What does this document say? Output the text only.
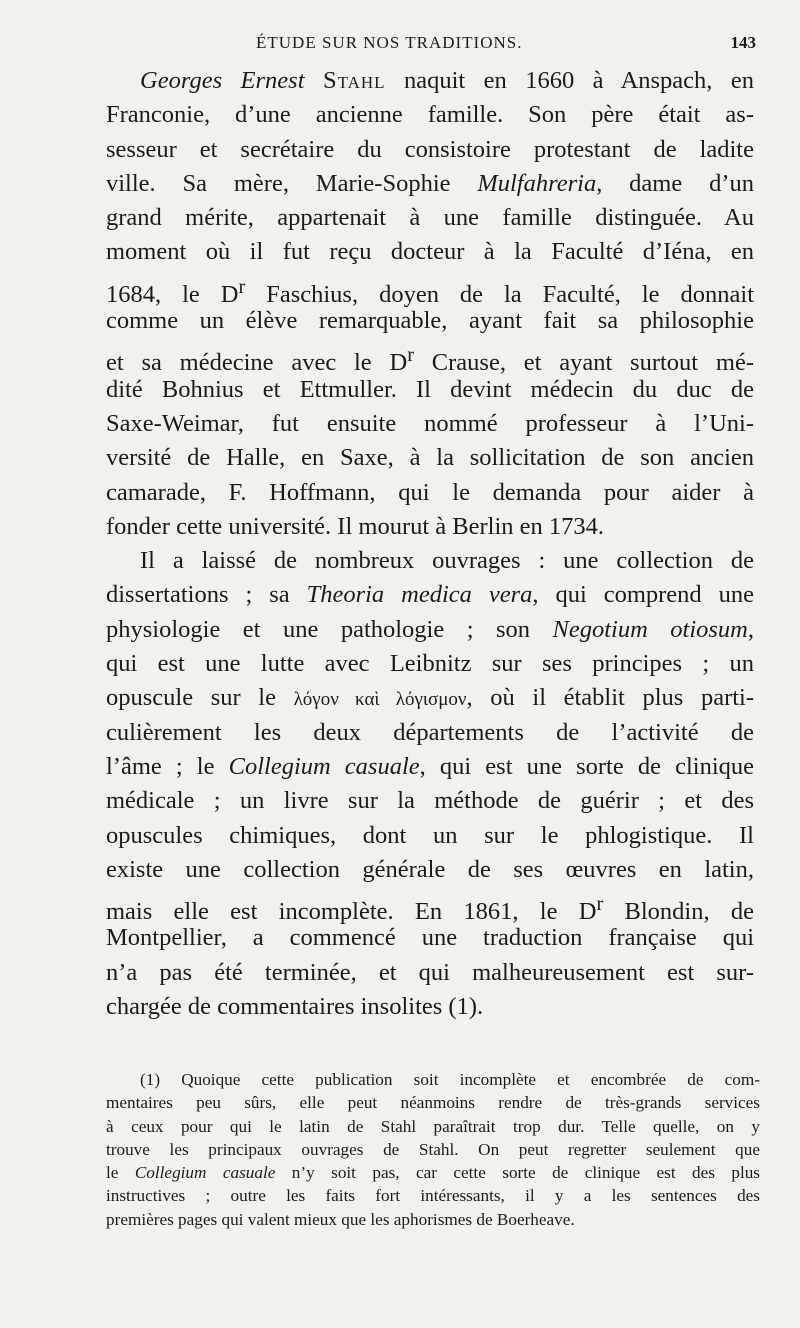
ÉTUDE SUR NOS TRADITIONS.	143
Georges Ernest Stahl naquit en 1660 à Anspach, en
Franconie, d’une ancienne famille. Son père était as-
sesseur et secrétaire du consistoire protestant de ladite
ville. Sa mère, Marie-Sophie Mulfahreria, dame d’un
grand mérite, appartenait à une famille distinguée. Au
moment où il fut reçu docteur à la Faculté d’Iéna, en
1684, le $D^r$ Faschius, doyen de la Faculté, le donnait
comme un élève remarquable, ayant fait sa philosophie
et sa médecine avec le $D^r$ Crause, et ayant surtout mé-
dité Bohnius et Ettmuller. Il devint médecin du duc de
Saxe-Weimar, fut ensuite nommé professeur à l’Uni-
versité de Halle, en Saxe, à la sollicitation de son ancien
camarade, F. Hoffmann, qui le demanda pour aider à
fonder cette université. Il mourut à Berlin en 1734.
Il a laissé de nombreux ouvrages : une collection de
dissertations ; sa Theoria medica vera, qui comprend une
physiologie et une pathologie ; son Negotium otiosum,
qui est une lutte avec Leibnitz sur ses principes ; un
opuscule sur le λόγον καὶ λόγισμον, où il établit plus parti-
culièrement les deux départements de l’activité de
l’âme ; le Collegium casuale, qui est une sorte de clinique
médicale ; un livre sur la méthode de guérir ; et des
opuscules chimiques, dont un sur le phlogistique. Il
existe une collection générale de ses œuvres en latin,
mais elle est incomplète. En 1861, le $D^r$ Blondin, de
Montpellier, a commencé une traduction française qui
n’a pas été terminée, et qui malheureusement est sur-
chargée de commentaires insolites (1).
(1) Quoique cette publication soit incomplète et encombrée de com-
mentaires peu sûrs, elle peut néanmoins rendre de très-grands services
à ceux pour qui le latin de Stahl paraîtrait trop dur. Telle quelle, on y
trouve les principaux ouvrages de Stahl. On peut regretter seulement que
le Collegium casuale n’y soit pas, car cette sorte de clinique est des plus
instructives ; outre les faits fort intéressants, il y a les sentences des
premières pages qui valent mieux que les aphorismes de Boerheave.
